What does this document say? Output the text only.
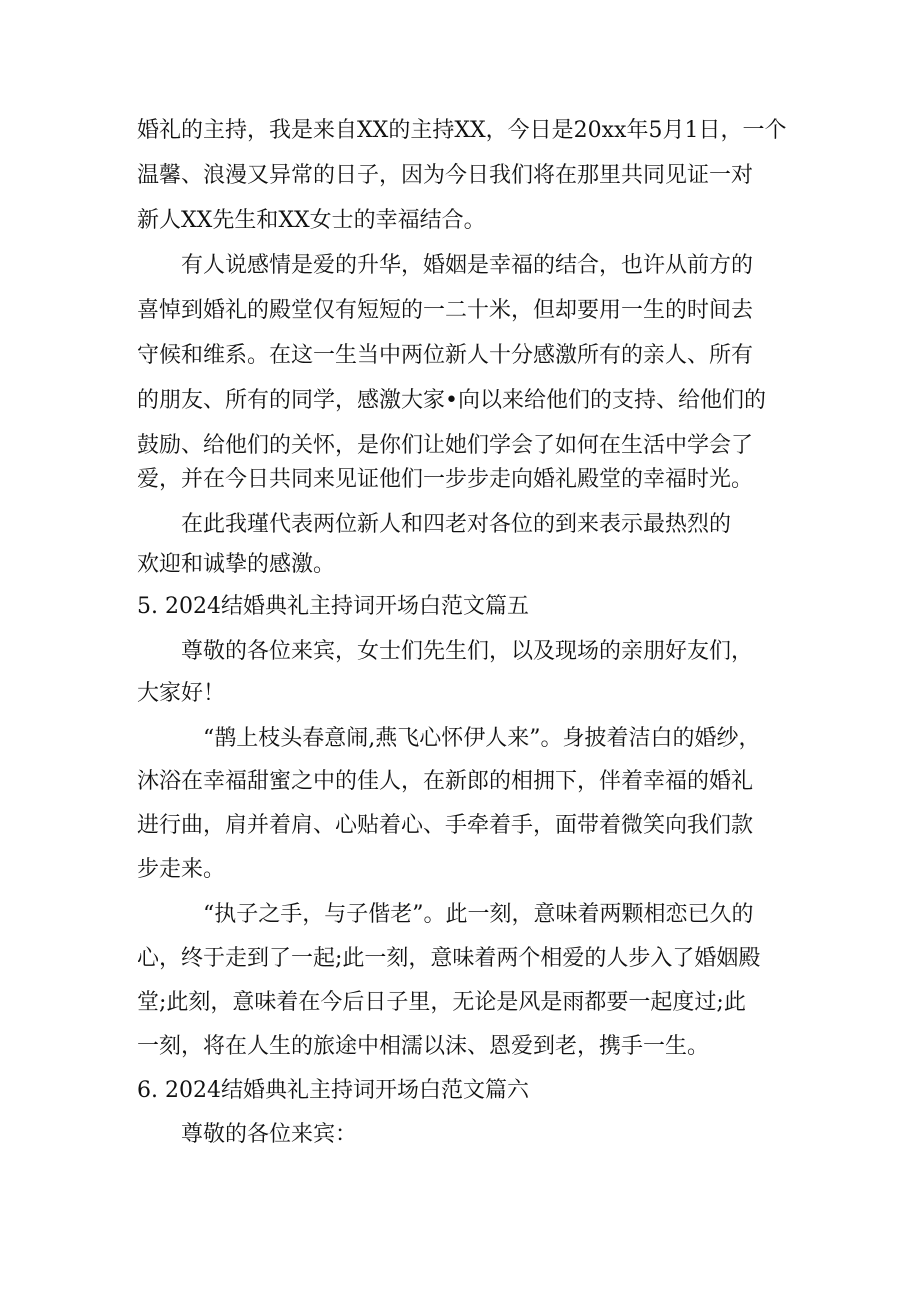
婚礼的主持，我是来自XX的主持XX，今日是20xx年5月1日，一个
温馨、浪漫又异常的日子，因为今日我们将在那里共同见证一对
新人XX先生和XX女士的幸福结合。
有人说感情是爱的升华，婚姻是幸福的结合，也许从前方的
喜悼到婚礼的殿堂仅有短短的一二十米，但却要用一生的时间去
守候和维系。在这一生当中两位新人十分感激所有的亲人、所有
的朋友、所有的同学，感激大家•向以来给他们的支持、给他们的
鼓励、给他们的关怀，是你们让她们学会了如何在生活中学会了
爱，并在今日共同来见证他们一步步走向婚礼殿堂的幸福时光。
在此我瑾代表两位新人和四老对各位的到来表示最热烈的
欢迎和诚挚的感激。
5. 2024结婚典礼主持词开场白范文篇五
尊敬的各位来宾，女士们先生们，以及现场的亲朋好友们，
大家好！
“鹊上枝头春意闹,燕飞心怀伊人来”。身披着洁白的婚纱，
沐浴在幸福甜蜜之中的佳人，在新郎的相拥下，伴着幸福的婚礼
进行曲，肩并着肩、心贴着心、手牵着手，面带着微笑向我们款
步走来。
“执子之手，与子偕老”。此一刻，意味着两颗相恋已久的
心，终于走到了一起;此一刻，意味着两个相爱的人步入了婚姻殿
堂;此刻，意味着在今后日子里，无论是风是雨都要一起度过;此
一刻，将在人生的旅途中相濡以沫、恩爱到老，携手一生。
6. 2024结婚典礼主持词开场白范文篇六
尊敬的各位来宾：
